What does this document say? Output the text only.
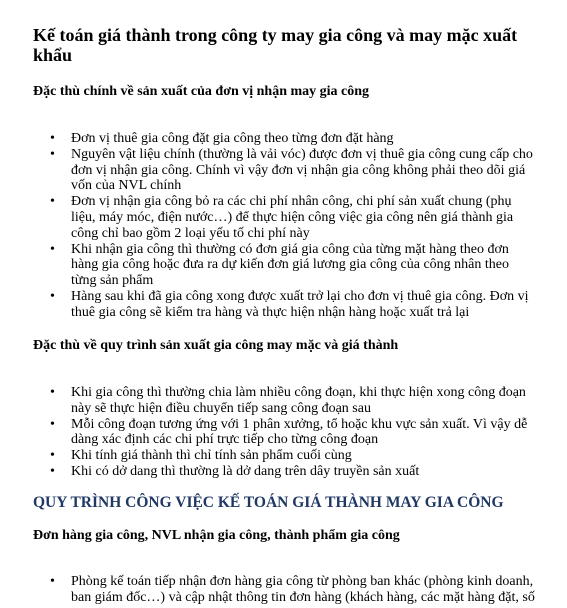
Kế toán giá thành trong công ty may gia công và may mặc xuất khẩu
Đặc thù chính về sản xuất của đơn vị nhận may gia công
•	Đơn vị thuê gia công đặt gia công theo từng đơn đặt hàng
•	Nguyên vật liệu chính (thường là vải vóc) được đơn vị thuê gia công cung cấp cho đơn vị nhận gia công. Chính vì vậy đơn vị nhận gia công không phải theo dõi giá vốn của NVL chính
•	Đơn vị nhận gia công bỏ ra các chi phí nhân công, chi phí sản xuất chung (phụ liệu, máy móc, điện nước…) để thực hiện công việc gia công nên giá thành gia công chỉ bao gồm 2 loại yếu tố chi phí này
•	Khi nhận gia công thì thường có đơn giá gia công của từng mặt hàng theo đơn hàng gia công hoặc đưa ra dự kiến đơn giá lương gia công của công nhân theo từng sản phẩm
•	Hàng sau khi đã gia công xong được xuất trở lại cho đơn vị thuê gia công. Đơn vị thuê gia công sẽ kiểm tra hàng và thực hiện nhận hàng hoặc xuất trả lại
Đặc thù về quy trình sản xuất gia công may mặc và giá thành
•	Khi gia công thì thường chia làm nhiều công đoạn, khi thực hiện xong công đoạn này sẽ thực hiện điều chuyển tiếp sang công đoạn sau
•	Mỗi công đoạn tương ứng với 1 phân xưởng, tổ hoặc khu vực sản xuất. Vì vậy dễ dàng xác định các chi phí trực tiếp cho từng công đoạn
•	Khi tính giá thành thì chỉ tính sản phẩm cuối cùng
•	Khi có dở dang thì thường là dở dang trên dây truyền sản xuất
QUY TRÌNH CÔNG VIỆC KẾ TOÁN GIÁ THÀNH MAY GIA CÔNG
Đơn hàng gia công, NVL nhận gia công, thành phẩm gia công
•	Phòng kế toán tiếp nhận đơn hàng gia công từ phòng ban khác (phòng kinh doanh, ban giám đốc…) và cập nhật thông tin đơn hàng (khách hàng, các mặt hàng đặt, số
